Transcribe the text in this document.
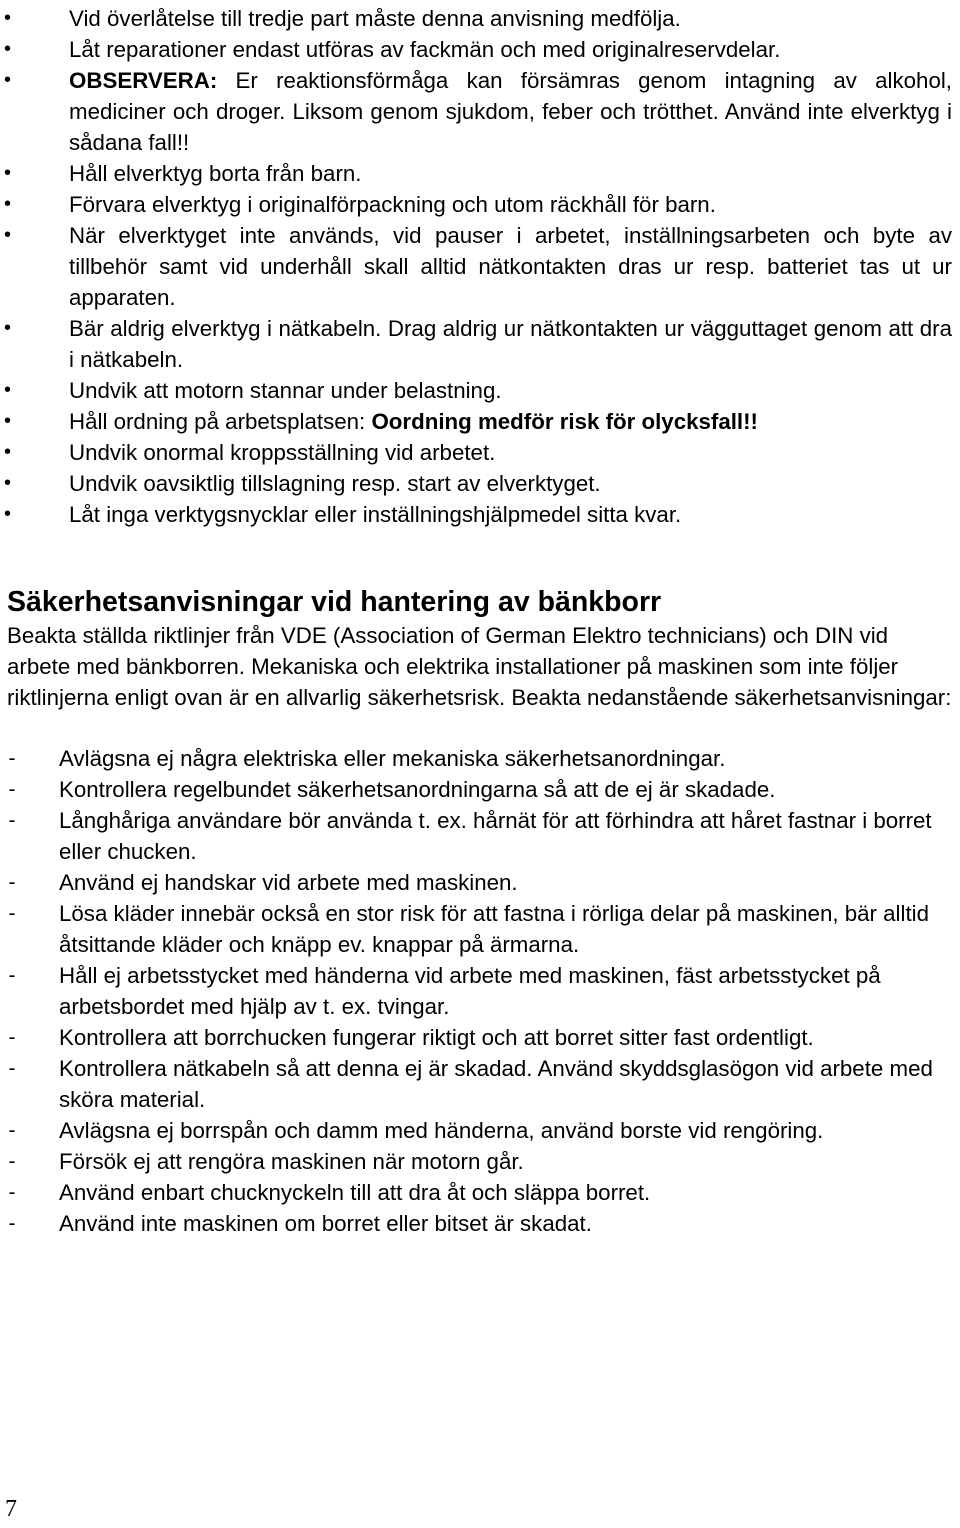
•	Vid överlåtelse till tredje part måste denna anvisning medfölja.
•	Låt reparationer endast utföras av fackmän och med originalreservdelar.
•	OBSERVERA: Er reaktionsförmåga kan försämras genom intagning av alkohol, mediciner och droger. Liksom genom sjukdom, feber och trötthet. Använd inte elverktyg i sådana fall!!
•	Håll elverktyg borta från barn.
•	Förvara elverktyg i originalförpackning och utom räckhåll för barn.
•	När elverktyget inte används, vid pauser i arbetet, inställningsarbeten och byte av tillbehör samt vid underhåll skall alltid nätkontakten dras ur resp. batteriet tas ut ur apparaten.
•	Bär aldrig elverktyg i nätkabeln. Drag aldrig ur nätkontakten ur vägguttaget genom att dra i nätkabeln.
•	Undvik att motorn stannar under belastning.
•	Håll ordning på arbetsplatsen: Oordning medför risk för olycksfall!!
•	Undvik onormal kroppsställning vid arbetet.
•	Undvik oavsiktlig tillslagning resp. start av elverktyget.
•	Låt inga verktygsnycklar eller inställningshjälpmedel sitta kvar.
Säkerhetsanvisningar vid hantering av bänkborr

Beakta ställda riktlinjer från VDE (Association of German Elektro technicians) och DIN vid arbete med bänkborren. Mekaniska och elektrika installationer på maskinen som inte följer riktlinjerna enligt ovan är en allvarlig säkerhetsrisk. Beakta nedanstående säkerhetsanvisningar:

- Avlägsna ej några elektriska eller mekaniska säkerhetsanordningar.
- Kontrollera regelbundet säkerhetsanordningarna så att de ej är skadade.
- Långhåriga användare bör använda t. ex. hårnät för att förhindra att håret fastnar i borret eller chucken.
- Använd ej handskar vid arbete med maskinen.
- Lösa kläder innebär också en stor risk för att fastna i rörliga delar på maskinen, bär alltid åtsittande kläder och knäpp ev. knappar på ärmarna.
- Håll ej arbetsstycket med händerna vid arbete med maskinen, fäst arbetsstycket på arbetsbordet med hjälp av t. ex. tvingar.
- Kontrollera att borrchucken fungerar riktigt och att borret sitter fast ordentligt.
- Kontrollera nätkabeln så att denna ej är skadad. Använd skyddsglasögon vid arbete med sköra material.
- Avlägsna ej borrspån och damm med händerna, använd borste vid rengöring.
- Försök ej att rengöra maskinen när motorn går.
- Använd enbart chucknyckeln till att dra åt och släppa borret.
- Använd inte maskinen om borret eller bitset är skadat.
7
